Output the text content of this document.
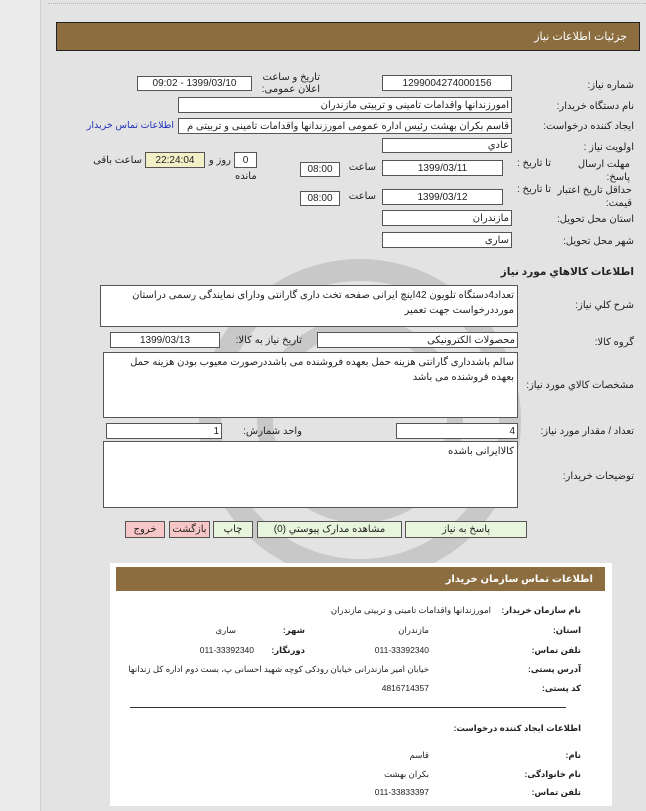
جزئيات اطلاعات نياز
شماره نیاز:
1299004274000156
تاریخ و ساعت اعلان عمومی:
1399/03/10 - 09:02
نام دستگاه خریدار:
امورزندانها واقدامات تامینی و تربیتی مازندران
ایجاد کننده درخواست:
قاسم بکران بهشت رئیس اداره عمومی امورزندانها واقدامات تامینی و تربیتی م
اطلاعات تماس خریدار
اولویت نیاز :
عادي
مهلت ارسال پاسخ:
تا تاریخ :
1399/03/11
ساعت
08:00
0
روز و
22:24:04
ساعت باقی
مانده
حداقل تاریخ اعتبار قیمت:
تا تاریخ :
1399/03/12
ساعت
08:00
استان محل تحویل:
مازندران
شهر محل تحویل:
ساری
اطلاعات کالاهاي مورد نیاز
شرح کلي نیاز:
تعداد4دستگاه تلویون 42اینچ ایرانی صفحه تخت داری گارانتی ودارای نمایندگی رسمی دراستان مورددرخواست جهت تعمیر
گروه کالا:
محصولات الکترونیکی
تاریخ نیاز به کالا:
1399/03/13
مشخصات کالاي مورد نیاز:
سالم باشدداری گارانتی هزینه حمل بعهده فروشنده می باشددرصورت معیوب بودن هزینه حمل بعهده فروشنده می باشد
تعداد / مقدار مورد نیاز:
4
واحد شمارش:
1
توضیحات خریدار:
کالاایرانی باشده
پاسخ به نیاز
مشاهده مدارک پیوستي (0)
چاپ
بازگشت
خروج
اطلاعات تماس سازمان خریدار
نام سازمان خریدار:
امورزندانها واقدامات تامینی و تربیتی مازندران
استان:
مازندران
شهر:
ساری
تلفن تماس:
011-33392340
دورنگار:
011-33392340
آدرس پستی:
خیابان امیر مازندرانی خیابان رودکی کوچه شهید احسانی پ، بست دوم اداره کل زندانها
کد پستی:
4816714357
اطلاعات ایجاد کننده درخواست:
نام:
قاسم
نام خانوادگی:
بکران بهشت
تلفن تماس:
011-33833397
